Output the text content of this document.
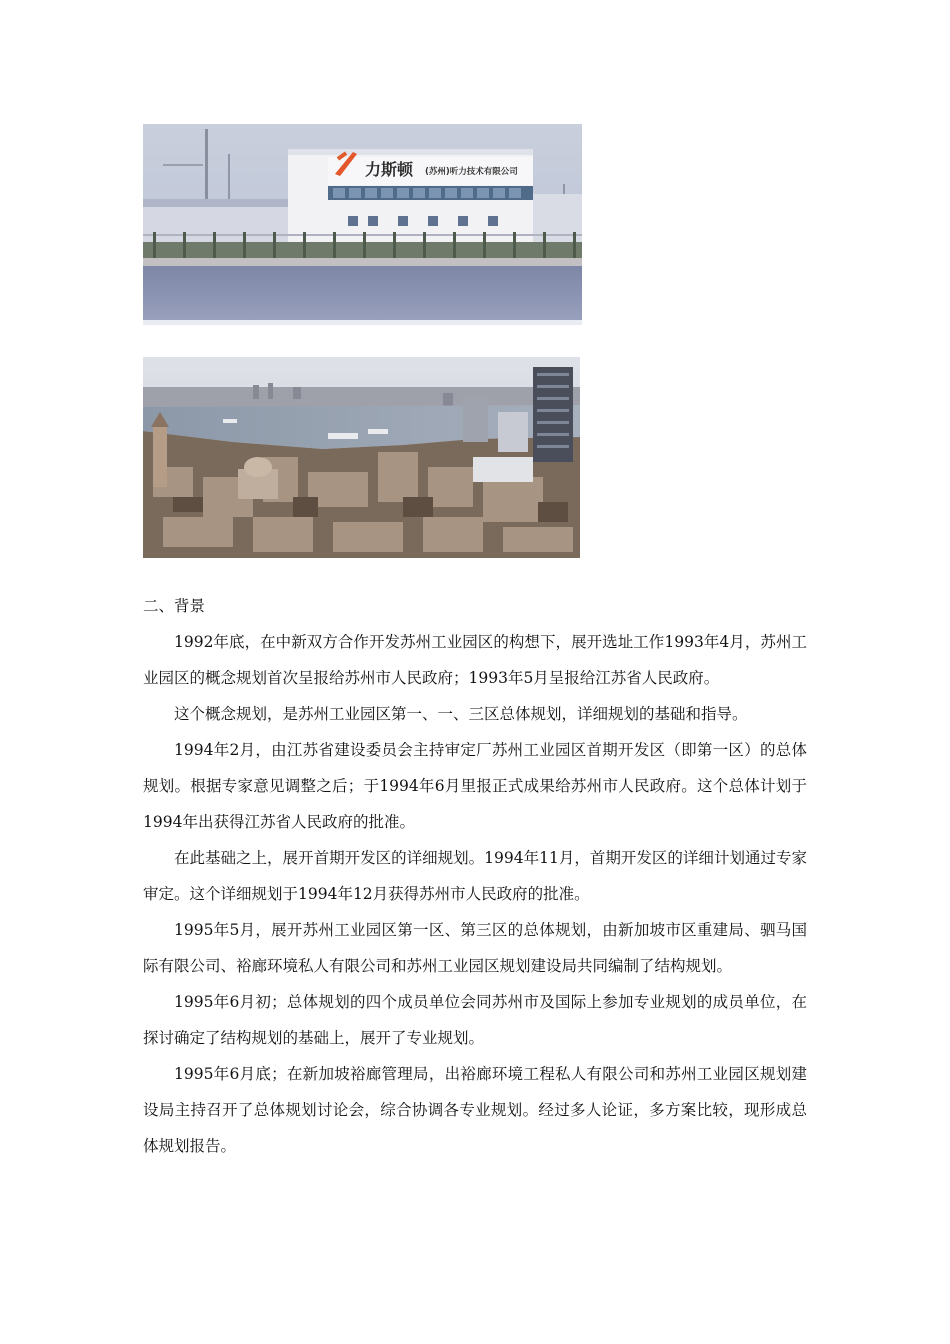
力斯顿 (苏州)听力技术有限公司

二、背景

1992年底，在中新双方合作开发苏州工业园区的构想下，展开选址工作1993年4月，苏州工业园区的概念规划首次呈报给苏州市人民政府；1993年5月呈报给江苏省人民政府。

这个概念规划，是苏州工业园区第一、一、三区总体规划，详细规划的基础和指导。

1994年2月，由江苏省建设委员会主持审定厂苏州工业园区首期开发区（即第一区）的总体规划。根据专家意见调整之后；于1994年6月里报正式成果给苏州市人民政府。这个总体计划于1994年出获得江苏省人民政府的批准。

在此基础之上，展开首期开发区的详细规划。1994年11月，首期开发区的详细计划通过专家审定。这个详细规划于1994年12月获得苏州市人民政府的批准。

1995年5月，展开苏州工业园区第一区、第三区的总体规划，由新加坡市区重建局、驷马国际有限公司、裕廊环境私人有限公司和苏州工业园区规划建设局共同编制了结构规划。

1995年6月初；总体规划的四个成员单位会同苏州市及国际上参加专业规划的成员单位，在探讨确定了结构规划的基础上，展开了专业规划。

1995年6月底；在新加坡裕廊管理局，出裕廊环境工程私人有限公司和苏州工业园区规划建设局主持召开了总体规划讨论会，综合协调各专业规划。经过多人论证，多方案比较，现形成总体规划报告。
